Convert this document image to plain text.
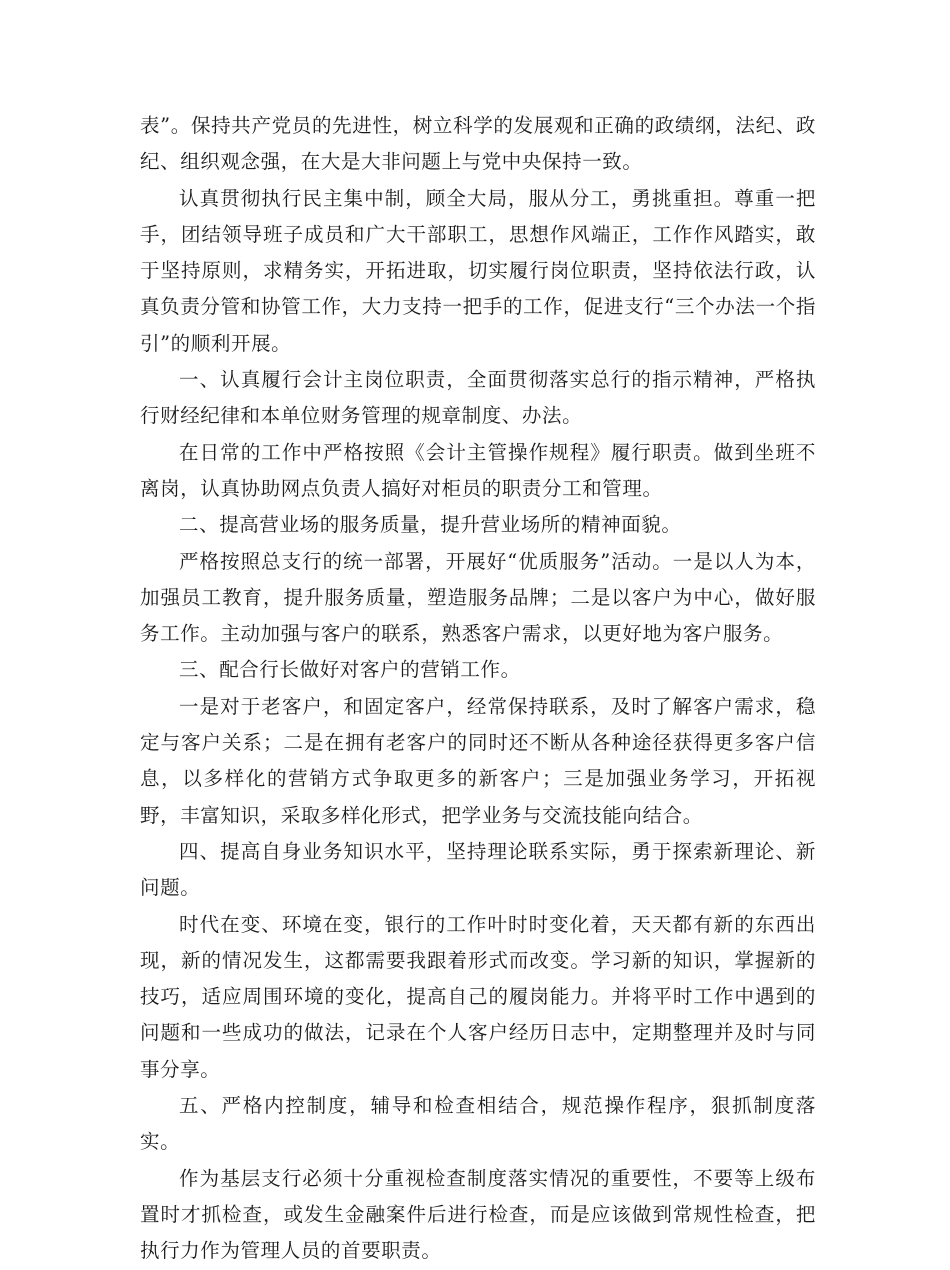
表”。保持共产党员的先进性，树立科学的发展观和正确的政绩纲，法纪、政纪、组织观念强，在大是大非问题上与党中央保持一致。

认真贯彻执行民主集中制，顾全大局，服从分工，勇挑重担。尊重一把手，团结领导班子成员和广大干部职工，思想作风端正，工作作风踏实，敢于坚持原则，求精务实，开拓进取，切实履行岗位职责，坚持依法行政，认真负责分管和协管工作，大力支持一把手的工作，促进支行“三个办法一个指引”的顺利开展。

一、认真履行会计主岗位职责，全面贯彻落实总行的指示精神，严格执行财经纪律和本单位财务管理的规章制度、办法。

在日常的工作中严格按照《会计主管操作规程》履行职责。做到坐班不离岗，认真协助网点负责人搞好对柜员的职责分工和管理。

二、提高营业场的服务质量，提升营业场所的精神面貌。

严格按照总支行的统一部署，开展好“优质服务”活动。一是以人为本，加强员工教育，提升服务质量，塑造服务品牌；二是以客户为中心，做好服务工作。主动加强与客户的联系，熟悉客户需求，以更好地为客户服务。

三、配合行长做好对客户的营销工作。

一是对于老客户，和固定客户，经常保持联系，及时了解客户需求，稳定与客户关系；二是在拥有老客户的同时还不断从各种途径获得更多客户信息，以多样化的营销方式争取更多的新客户；三是加强业务学习，开拓视野，丰富知识，采取多样化形式，把学业务与交流技能向结合。

四、提高自身业务知识水平，坚持理论联系实际，勇于探索新理论、新问题。

时代在变、环境在变，银行的工作叶时时变化着，天天都有新的东西出现，新的情况发生，这都需要我跟着形式而改变。学习新的知识，掌握新的技巧，适应周围环境的变化，提高自己的履岗能力。并将平时工作中遇到的问题和一些成功的做法，记录在个人客户经历日志中，定期整理并及时与同事分享。

五、严格内控制度，辅导和检查相结合，规范操作程序，狠抓制度落实。

作为基层支行必须十分重视检查制度落实情况的重要性，不要等上级布置时才抓检查，或发生金融案件后进行检查，而是应该做到常规性检查，把执行力作为管理人员的首要职责。
